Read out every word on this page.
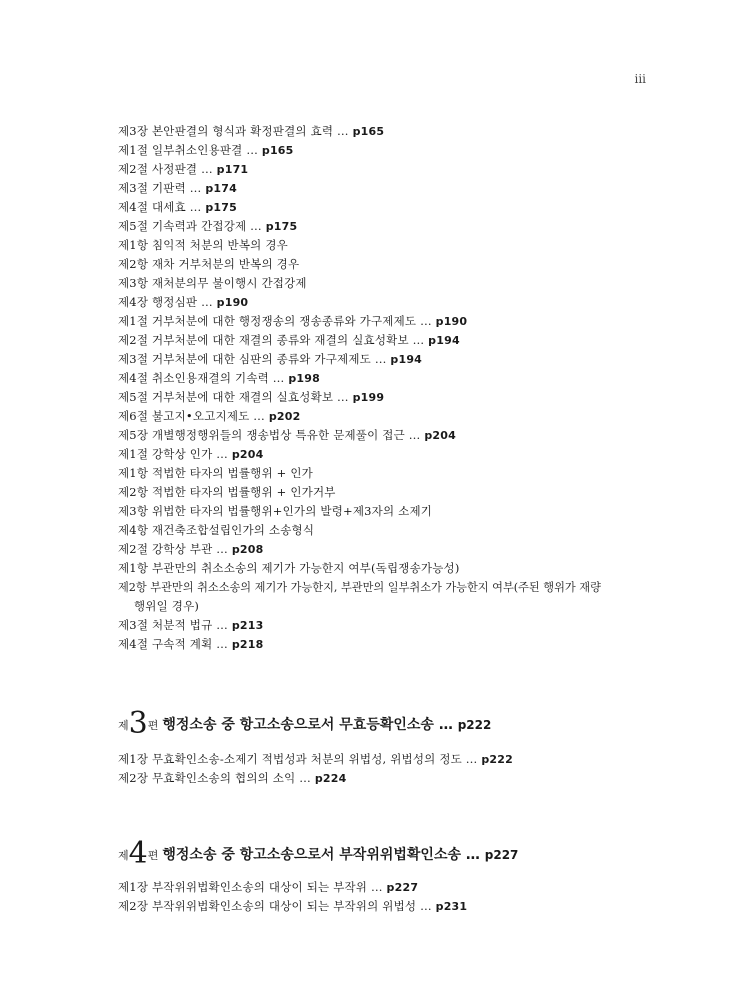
iii
제3장 본안판결의 형식과 확정판결의 효력 … p165
제1절 일부취소인용판결 … p165
제2절 사정판결 … p171
제3절 기판력 … p174
제4절 대세효 … p175
제5절 기속력과 간접강제 … p175
제1항 침익적 처분의 반복의 경우
제2항 재차 거부처분의 반복의 경우
제3항 재처분의무 불이행시 간접강제
제4장 행정심판 … p190
제1절 거부처분에 대한 행정쟁송의 쟁송종류와 가구제제도 … p190
제2절 거부처분에 대한 재결의 종류와 재결의 실효성확보 … p194
제3절 거부처분에 대한 심판의 종류와 가구제제도 … p194
제4절 취소인용재결의 기속력 … p198
제5절 거부처분에 대한 재결의 실효성확보 … p199
제6절 불고지•오고지제도 … p202
제5장 개별행정행위들의 쟁송법상 특유한 문제풀이 접근 … p204
제1절 강학상 인가 … p204
제1항 적법한 타자의 법률행위 + 인가
제2항 적법한 타자의 법률행위 + 인가거부
제3항 위법한 타자의 법률행위+인가의 발령+제3자의 소제기
제4항 재건축조합설립인가의 소송형식
제2절 강학상 부관 … p208
제1항 부관만의 취소소송의 제기가 가능한지 여부(독립쟁송가능성)
제2항 부관만의 취소소송의 제기가 가능한지, 부관만의 일부취소가 가능한지 여부(주된 행위가 재량
행위일 경우)
제3절 처분적 법규 … p213
제4절 구속적 계획 … p218
제3편 행정소송 중 항고소송으로서 무효등확인소송 … p222
제1장 무효확인소송-소제기 적법성과 처분의 위법성, 위법성의 정도 … p222
제2장 무효확인소송의 협의의 소익 … p224
제4편 행정소송 중 항고소송으로서 부작위위법확인소송 … p227
제1장 부작위위법확인소송의 대상이 되는 부작위 … p227
제2장 부작위위법확인소송의 대상이 되는 부작위의 위법성 … p231
